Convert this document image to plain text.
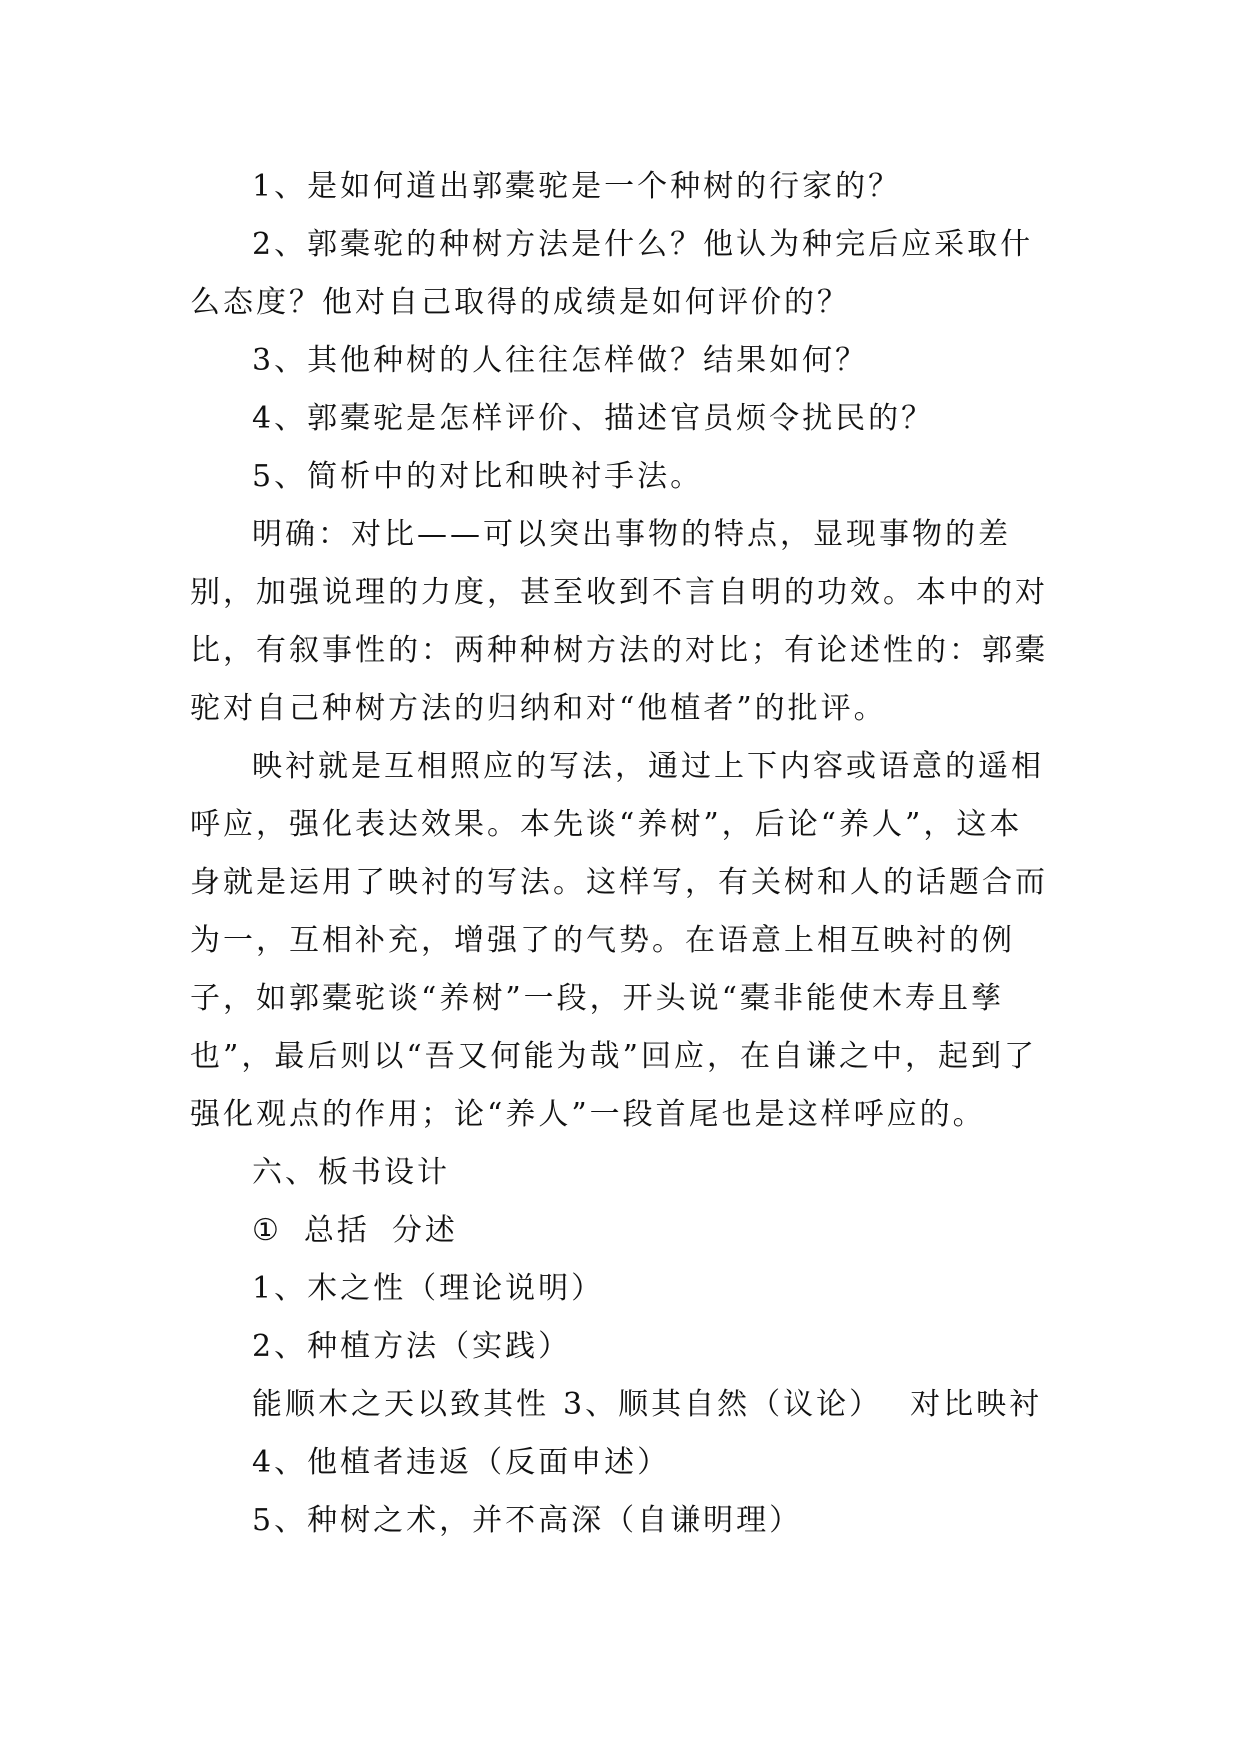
1、是如何道出郭橐驼是一个种树的行家的？

2、郭橐驼的种树方法是什么？他认为种完后应采取什么态度？他对自己取得的成绩是如何评价的？

3、其他种树的人往往怎样做？结果如何？

4、郭橐驼是怎样评价、描述官员烦令扰民的？

5、简析中的对比和映衬手法。

明确：对比——可以突出事物的特点，显现事物的差别，加强说理的力度，甚至收到不言自明的功效。本中的对比，有叙事性的：两种种树方法的对比；有论述性的：郭橐驼对自己种树方法的归纳和对“他植者”的批评。

映衬就是互相照应的写法，通过上下内容或语意的遥相呼应，强化表达效果。本先谈“养树”，后论“养人”，这本身就是运用了映衬的写法。这样写，有关树和人的话题合而为一，互相补充，增强了的气势。在语意上相互映衬的例子，如郭橐驼谈“养树”一段，开头说“橐非能使木寿且孳也”，最后则以“吾又何能为哉”回应，在自谦之中，起到了强化观点的作用；论“养人”一段首尾也是这样呼应的。

六、板书设计

① 总括 分述

1、木之性（理论说明）

2、种植方法（实践）

能顺木之天以致其性 3、顺其自然（议论） 对比映衬

4、他植者违返（反面申述）

5、种树之术，并不高深（自谦明理）
